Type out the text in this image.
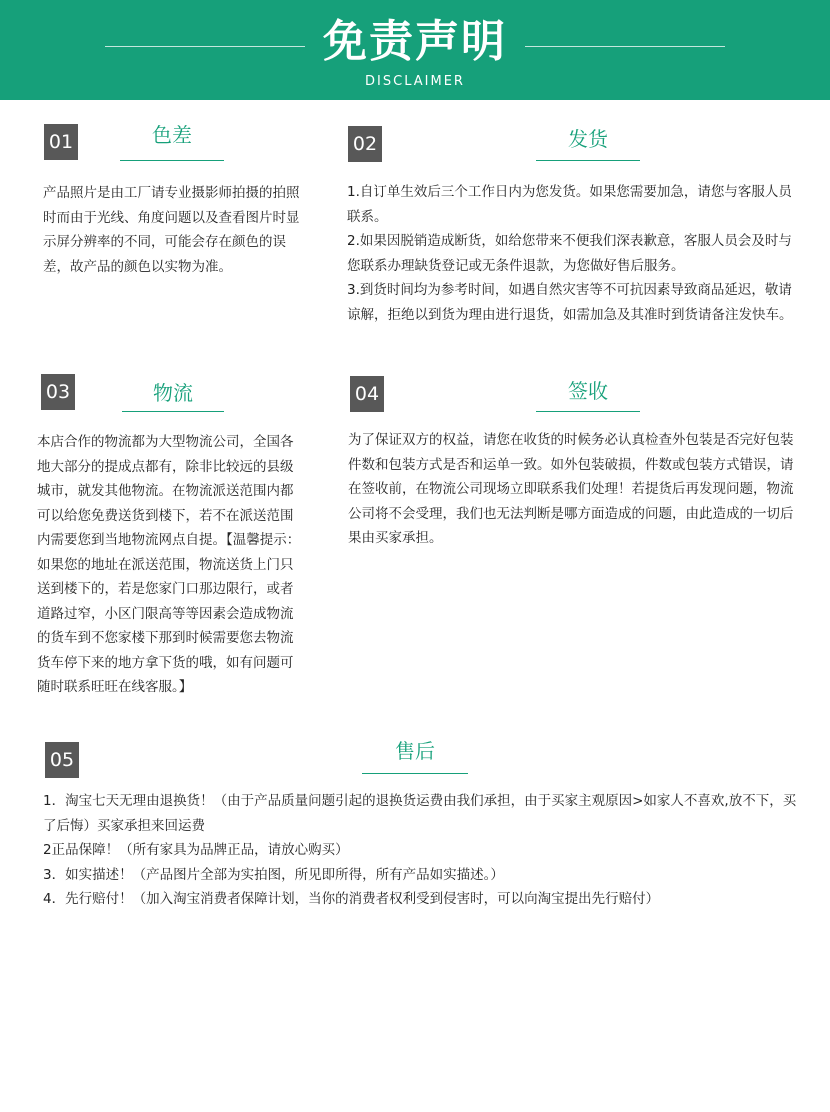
免责声明
DISCLAIMER
01	色差

产品照片是由工厂请专业摄影师拍摄的拍照时而由于光线、角度问题以及查看图片时显示屏分辨率的不同，可能会存在颜色的误差，故产品的颜色以实物为准。

02	发货

1.自订单生效后三个工作日内为您发货。如果您需要加急，请您与客服人员联系。

2.如果因脱销造成断货，如给您带来不便我们深表歉意，客服人员会及时与您联系办理缺货登记或无条件退款，为您做好售后服务。

3.到货时间均为参考时间，如遇自然灾害等不可抗因素导致商品延迟，敬请谅解，拒绝以到货为理由进行退货，如需加急及其准时到货请备注发快车。

03	物流

本店合作的物流都为大型物流公司，全国各地大部分的提成点都有，除非比较远的县级城市，就发其他物流。在物流派送范围内都可以给您免费送货到楼下，若不在派送范围内需要您到当地物流网点自提。【温馨提示：如果您的地址在派送范围，物流送货上门只送到楼下的，若是您家门口那边限行，或者道路过窄，小区门限高等等因素会造成物流的货车到不您家楼下那到时候需要您去物流货车停下来的地方拿下货的哦，如有问题可随时联系旺旺在线客服。】

04	签收

为了保证双方的权益，请您在收货的时候务必认真检查外包装是否完好包装件数和包装方式是否和运单一致。如外包装破损，件数或包装方式错误，请在签收前，在物流公司现场立即联系我们处理！若提货后再发现问题，物流公司将不会受理，我们也无法判断是哪方面造成的问题，由此造成的一切后果由买家承担。

05	售后

1．淘宝七天无理由退换货！（由于产品质量问题引起的退换货运费由我们承担，由于买家主观原因>如家人不喜欢,放不下，买了后悔）买家承担来回运费

2正品保障！（所有家具为品牌正品，请放心购买）

3．如实描述！（产品图片全部为实拍图，所见即所得，所有产品如实描述。）

4．先行赔付！（加入淘宝消费者保障计划，当你的消费者权利受到侵害时，可以向淘宝提出先行赔付）
